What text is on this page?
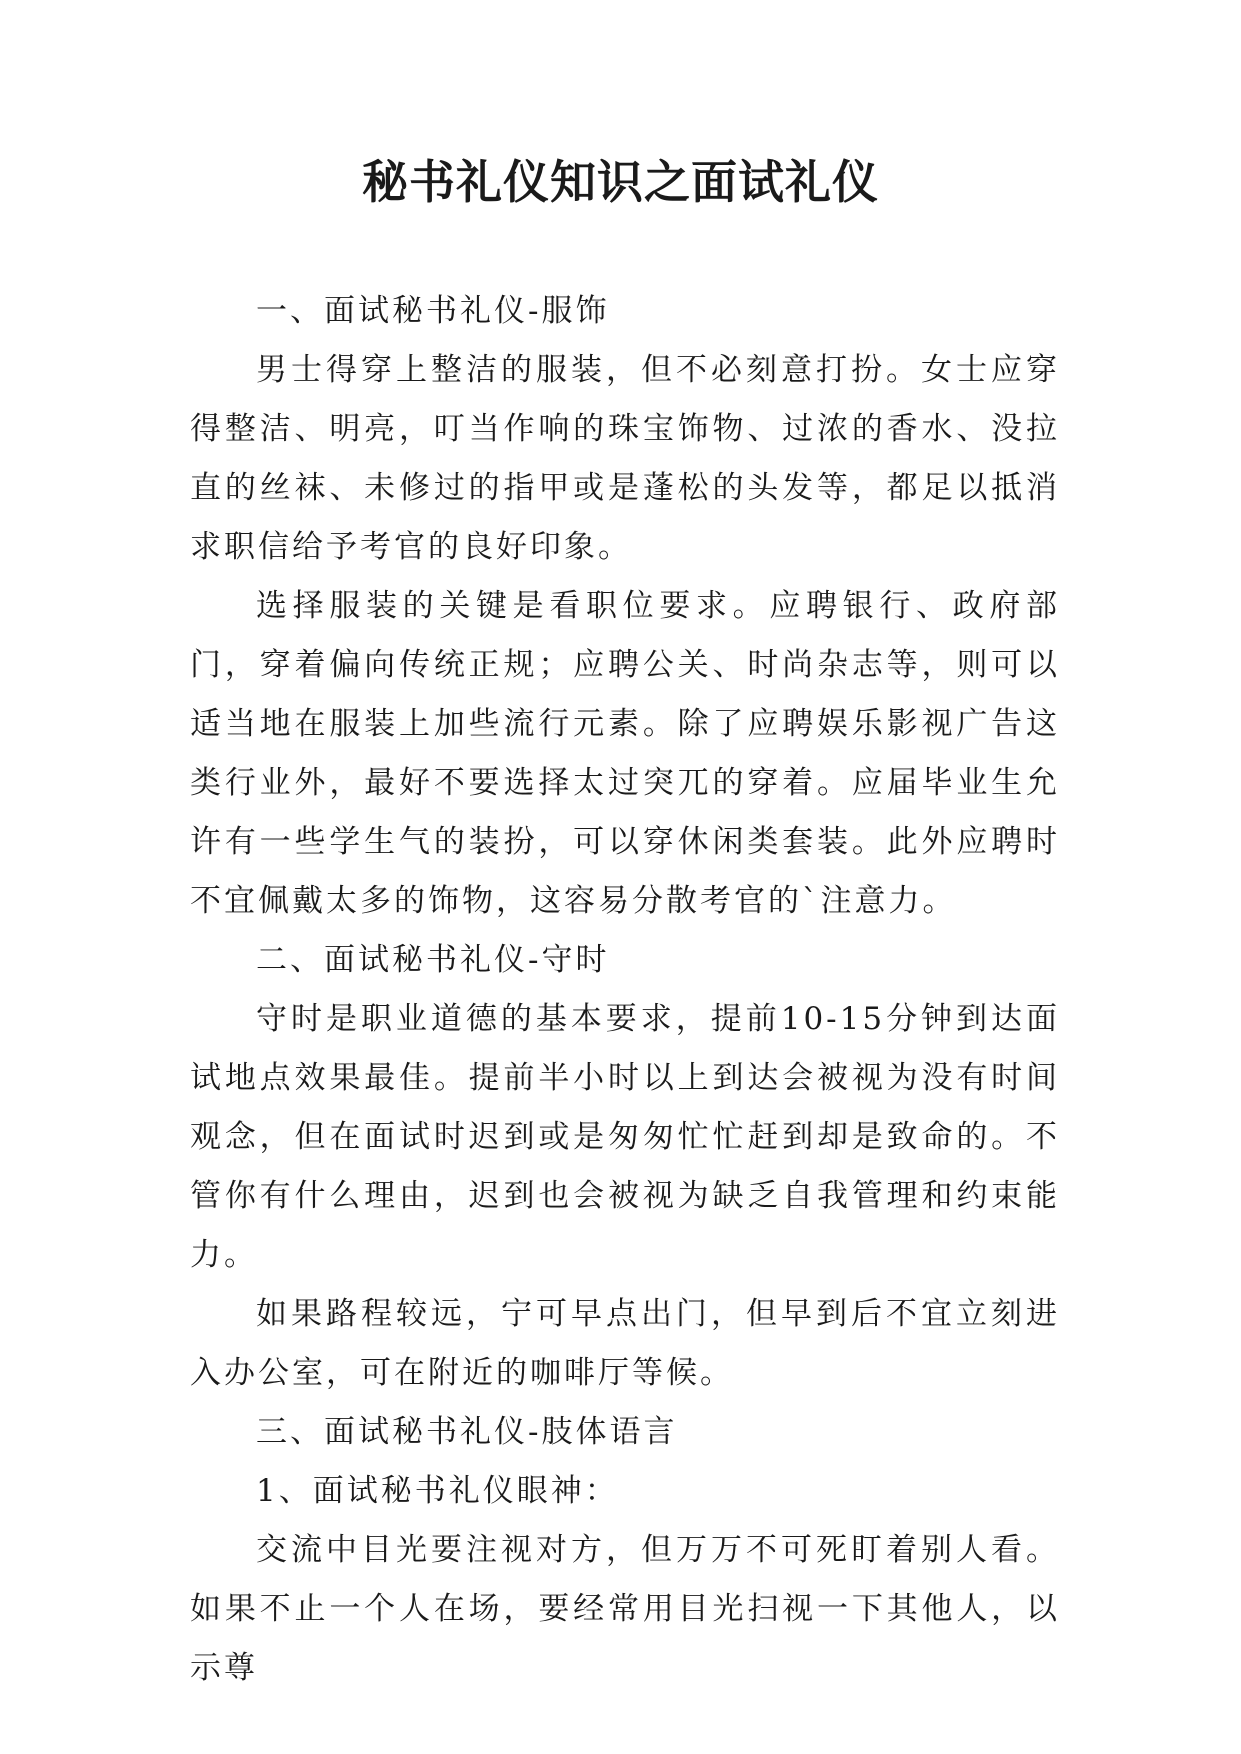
秘书礼仪知识之面试礼仪

一、面试秘书礼仪-服饰

男士得穿上整洁的服装，但不必刻意打扮。女士应穿得整洁、明亮，叮当作响的珠宝饰物、过浓的香水、没拉直的丝袜、未修过的指甲或是蓬松的头发等，都足以抵消求职信给予考官的良好印象。

选择服装的关键是看职位要求。应聘银行、政府部门，穿着偏向传统正规；应聘公关、时尚杂志等，则可以适当地在服装上加些流行元素。除了应聘娱乐影视广告这类行业外，最好不要选择太过突兀的穿着。应届毕业生允许有一些学生气的装扮，可以穿休闲类套装。此外应聘时不宜佩戴太多的饰物，这容易分散考官的`注意力。

二、面试秘书礼仪-守时

守时是职业道德的基本要求，提前10-15分钟到达面试地点效果最佳。提前半小时以上到达会被视为没有时间观念，但在面试时迟到或是匆匆忙忙赶到却是致命的。不管你有什么理由，迟到也会被视为缺乏自我管理和约束能力。

如果路程较远，宁可早点出门，但早到后不宜立刻进入办公室，可在附近的咖啡厅等候。

三、面试秘书礼仪-肢体语言

1、面试秘书礼仪眼神：

交流中目光要注视对方，但万万不可死盯着别人看。如果不止一个人在场，要经常用目光扫视一下其他人，以示尊
